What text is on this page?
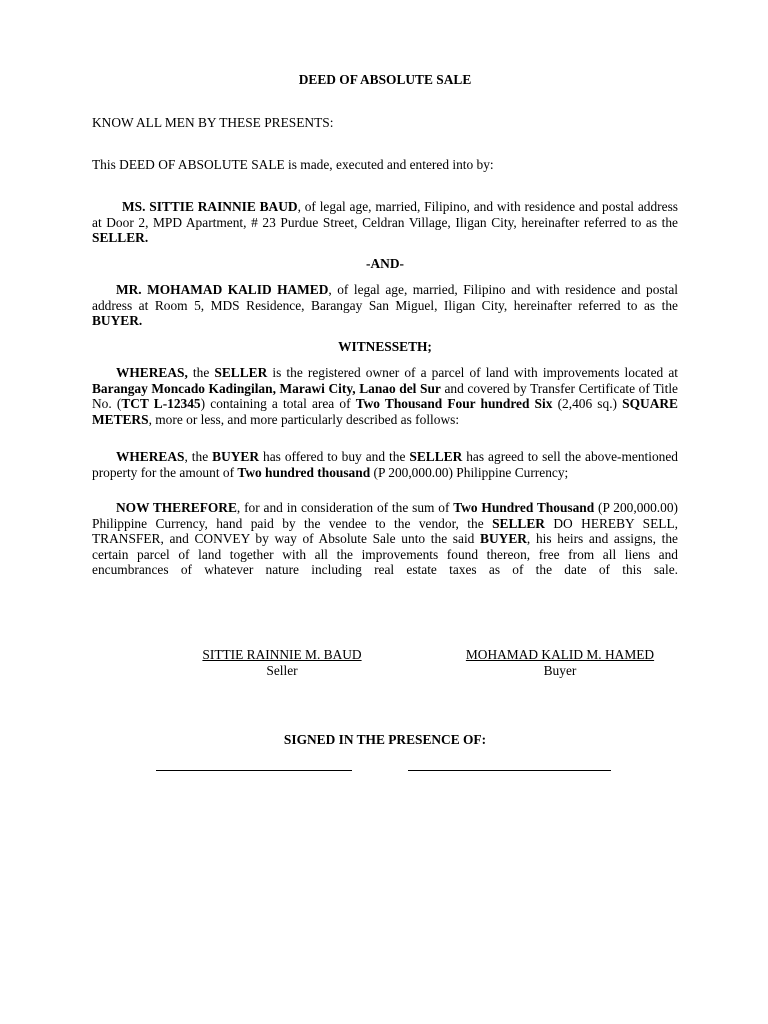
DEED OF ABSOLUTE SALE

KNOW ALL MEN BY THESE PRESENTS:

This DEED OF ABSOLUTE SALE is made, executed and entered into by:

MS. SITTIE RAINNIE BAUD, of legal age, married, Filipino, and with residence and postal address at Door 2, MPD Apartment, # 23 Purdue Street, Celdran Village, Iligan City, hereinafter referred to as the SELLER.

-AND-

MR. MOHAMAD KALID HAMED, of legal age, married, Filipino and with residence and postal address at Room 5, MDS Residence, Barangay San Miguel, Iligan City, hereinafter referred to as the BUYER.

WITNESSETH;

WHEREAS, the SELLER is the registered owner of a parcel of land with improvements located at Barangay Moncado Kadingilan, Marawi City, Lanao del Sur and covered by Transfer Certificate of Title No. (TCT L-12345) containing a total area of Two Thousand Four hundred Six (2,406 sq.) SQUARE METERS, more or less, and more particularly described as follows:

WHEREAS, the BUYER has offered to buy and the SELLER has agreed to sell the above-mentioned property for the amount of Two hundred thousand (P 200,000.00) Philippine Currency;

NOW THEREFORE, for and in consideration of the sum of Two Hundred Thousand (P 200,000.00) Philippine Currency, hand paid by the vendee to the vendor, the SELLER DO HEREBY SELL, TRANSFER, and CONVEY by way of Absolute Sale unto the said BUYER, his heirs and assigns, the certain parcel of land together with all the improvements found thereon, free from all liens and encumbrances of whatever nature including real estate taxes as of the date of this sale.

SITTIE RAINNIE M. BAUD
Seller
MOHAMAD KALID M. HAMED
Buyer

SIGNED IN THE PRESENCE OF:
